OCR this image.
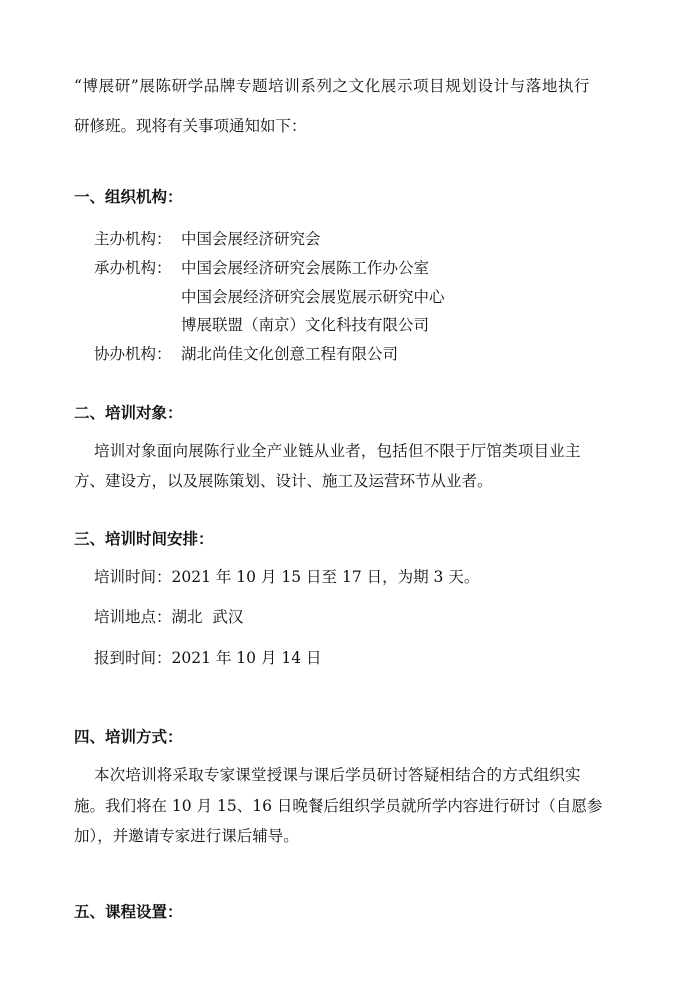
“博展研”展陈研学品牌专题培训系列之文化展示项目规划设计与落地执行
研修班。现将有关事项通知如下：
一、组织机构：
主办机构： 中国会展经济研究会
承办机构： 中国会展经济研究会展陈工作办公室
中国会展经济研究会展览展示研究中心
博展联盟（南京）文化科技有限公司
协办机构： 湖北尚佳文化创意工程有限公司
二、培训对象：
培训对象面向展陈行业全产业链从业者，包括但不限于厅馆类项目业主
方、建设方，以及展陈策划、设计、施工及运营环节从业者。
三、培训时间安排：
培训时间：2021 年 10 月 15 日至 17 日，为期 3 天。
培训地点：湖北  武汉
报到时间：2021 年 10 月 14 日
四、培训方式：
本次培训将采取专家课堂授课与课后学员研讨答疑相结合的方式组织实
施。我们将在 10 月 15、16 日晚餐后组织学员就所学内容进行研讨（自愿参
加），并邀请专家进行课后辅导。
五、课程设置：
